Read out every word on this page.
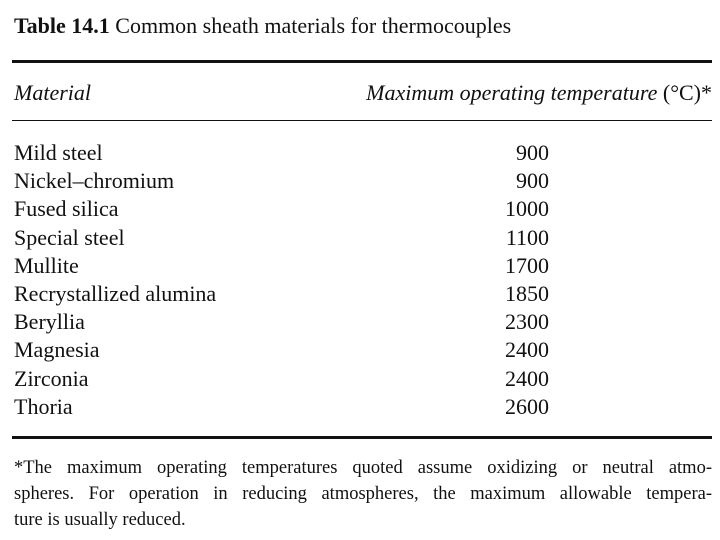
Table 14.1 Common sheath materials for thermocouples
Material	Maximum operating temperature (°C)*
Mild steel	900
Nickel–chromium	900
Fused silica	1000
Special steel	1100
Mullite	1700
Recrystallized alumina	1850
Beryllia	2300
Magnesia	2400
Zirconia	2400
Thoria	2600
*The maximum operating temperatures quoted assume oxidizing or neutral atmo-
spheres. For operation in reducing atmospheres, the maximum allowable tempera-
ture is usually reduced.
